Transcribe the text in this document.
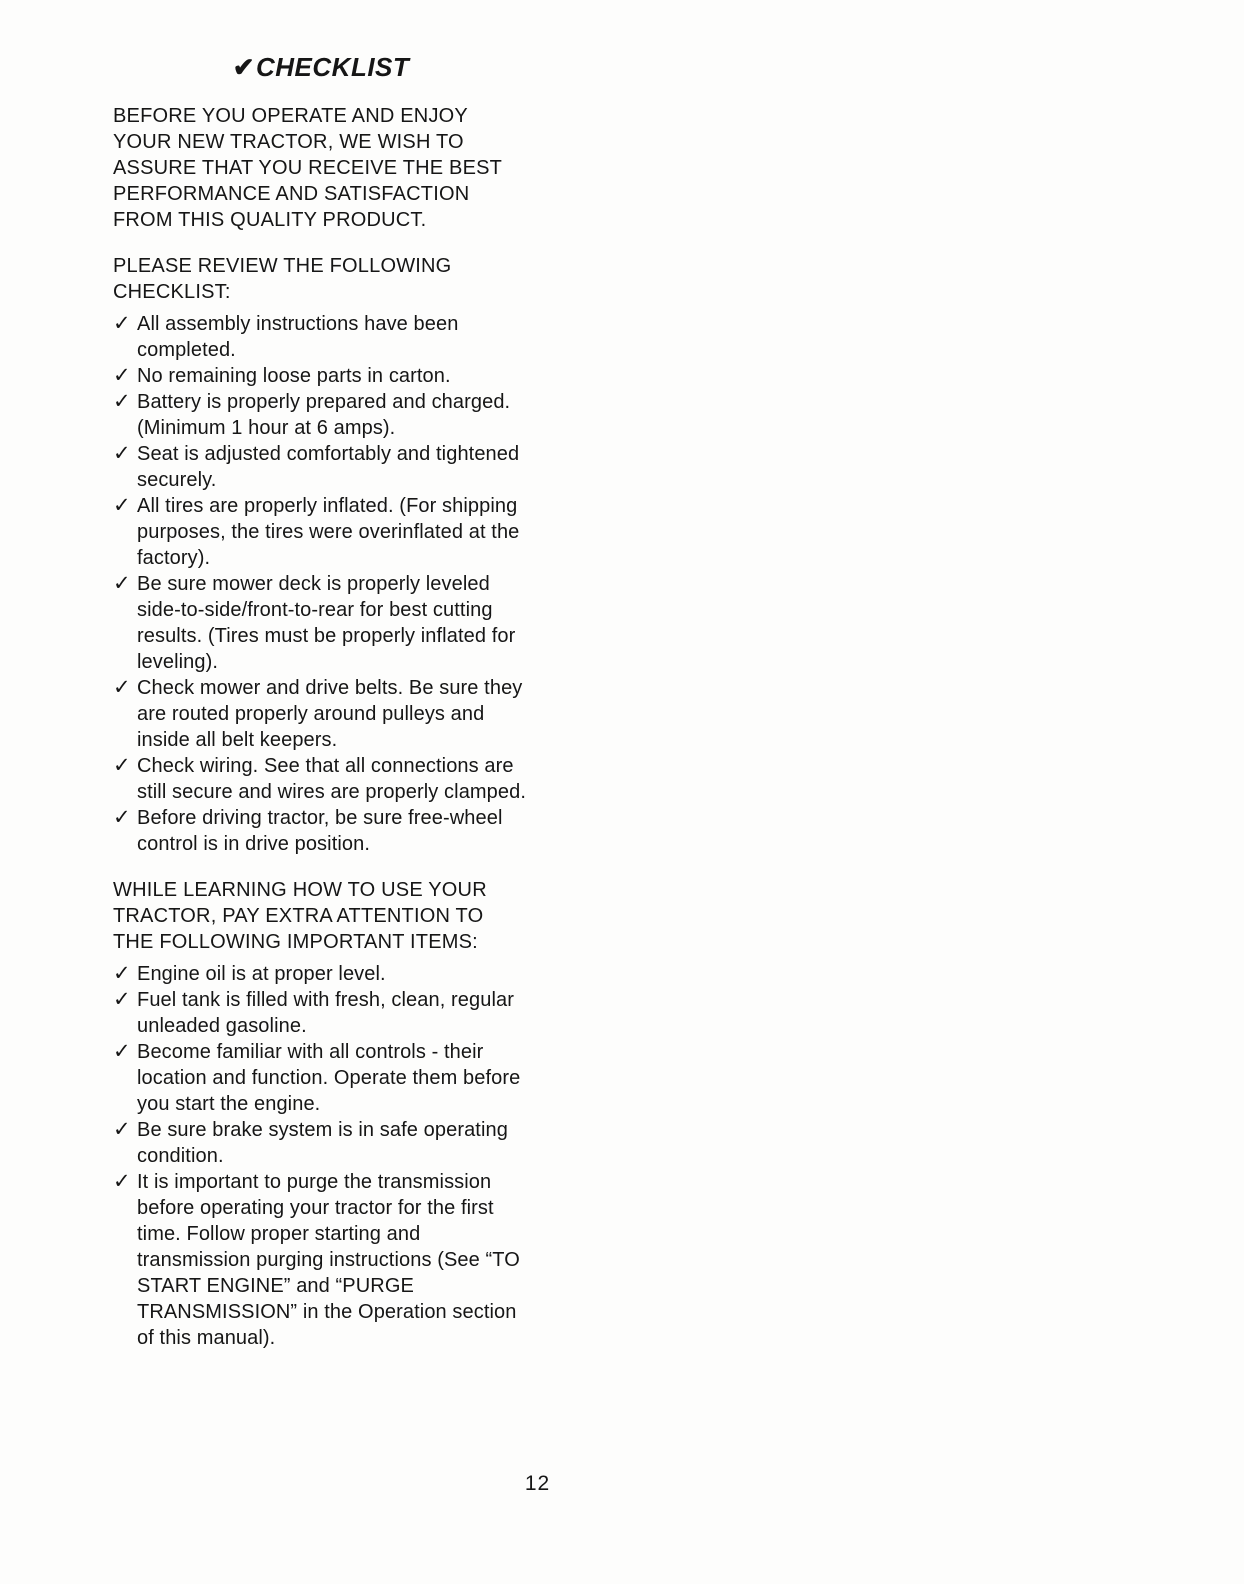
✔CHECKLIST

BEFORE YOU OPERATE AND ENJOY YOUR NEW TRACTOR, WE WISH TO ASSURE THAT YOU RECEIVE THE BEST PERFORMANCE AND SATISFACTION FROM THIS QUALITY PRODUCT.

PLEASE REVIEW THE FOLLOWING CHECKLIST:

✓ All assembly instructions have been completed.
✓ No remaining loose parts in carton.
✓ Battery is properly prepared and charged. (Minimum 1 hour at 6 amps).
✓ Seat is adjusted comfortably and tightened securely.
✓ All tires are properly inflated. (For shipping purposes, the tires were overinflated at the factory).
✓ Be sure mower deck is properly leveled side-to-side/front-to-rear for best cutting results. (Tires must be properly inflated for leveling).
✓ Check mower and drive belts. Be sure they are routed properly around pulleys and inside all belt keepers.
✓ Check wiring. See that all connections are still secure and wires are properly clamped.
✓ Before driving tractor, be sure free-wheel control is in drive position.

WHILE LEARNING HOW TO USE YOUR TRACTOR, PAY EXTRA ATTENTION TO THE FOLLOWING IMPORTANT ITEMS:

✓ Engine oil is at proper level.
✓ Fuel tank is filled with fresh, clean, regular unleaded gasoline.
✓ Become familiar with all controls - their location and function. Operate them before you start the engine.
✓ Be sure brake system is in safe operating condition.
✓ It is important to purge the transmission before operating your tractor for the first time. Follow proper starting and transmission purging instructions (See “TO START ENGINE” and “PURGE TRANSMISSION” in the Operation section of this manual).
12
